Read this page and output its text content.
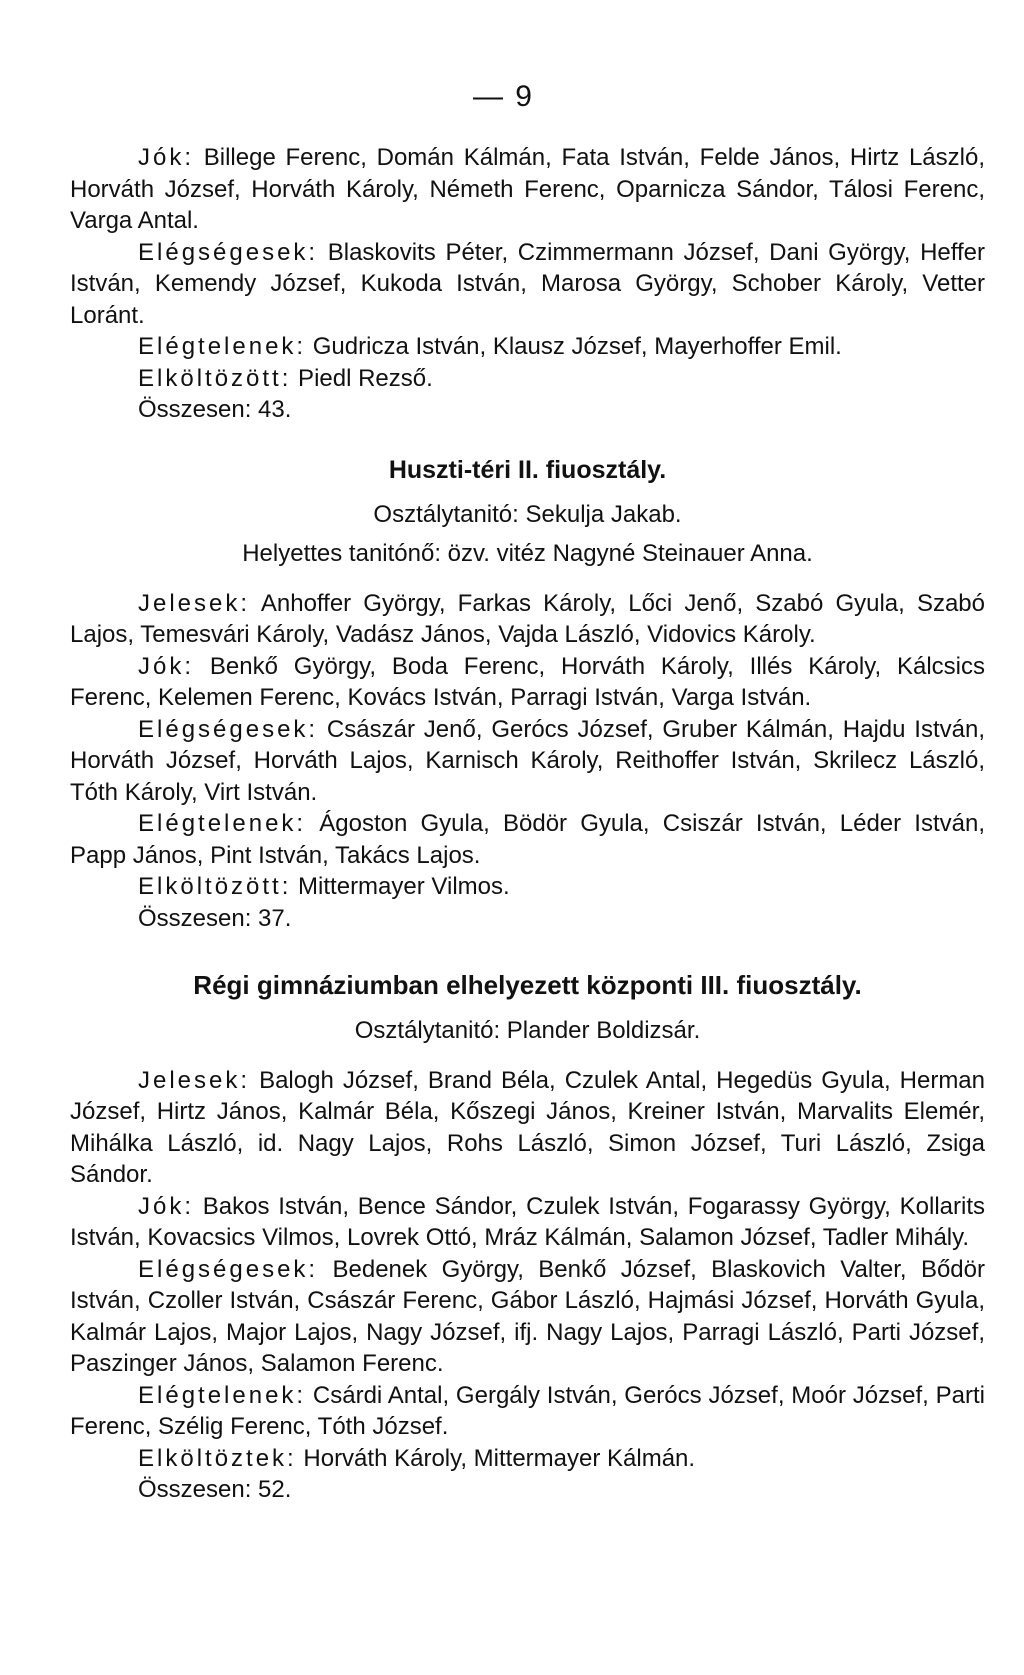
— 9

Jók: Billege Ferenc, Domán Kálmán, Fata István, Felde János, Hirtz László, Horváth József, Horváth Károly, Németh Ferenc, Oparnicza Sándor, Tálosi Ferenc, Varga Antal.

Elégségesek: Blaskovits Péter, Czimmermann József, Dani György, Heffer István, Kemendy József, Kukoda István, Marosa György, Schober Károly, Vetter Loránt.

Elégtelenek: Gudricza István, Klausz József, Mayerhoffer Emil.

Elköltözött: Piedl Rezső.

Összesen: 43.

Huszti-téri II. fiuosztály.
Osztálytanitó: Sekulja Jakab.
Helyettes tanitónő: özv. vitéz Nagyné Steinauer Anna.

Jelesek: Anhoffer György, Farkas Károly, Lőci Jenő, Szabó Gyula, Szabó Lajos, Temesvári Károly, Vadász János, Vajda László, Vidovics Károly.

Jók: Benkő György, Boda Ferenc, Horváth Károly, Illés Károly, Kálcsics Ferenc, Kelemen Ferenc, Kovács István, Parragi István, Varga István.

Elégségesek: Császár Jenő, Gerócs József, Gruber Kálmán, Hajdu István, Horváth József, Horváth Lajos, Karnisch Károly, Reithoffer István, Skrilecz László, Tóth Károly, Virt István.

Elégtelenek: Ágoston Gyula, Bödör Gyula, Csiszár István, Léder István, Papp János, Pint István, Takács Lajos.

Elköltözött: Mittermayer Vilmos.

Összesen: 37.

Régi gimnáziumban elhelyezett központi III. fiuosztály.
Osztálytanitó: Plander Boldizsár.

Jelesek: Balogh József, Brand Béla, Czulek Antal, Hegedüs Gyula, Herman József, Hirtz János, Kalmár Béla, Kőszegi János, Kreiner István, Marvalits Elemér, Mihálka László, id. Nagy Lajos, Rohs László, Simon József, Turi László, Zsiga Sándor.

Jók: Bakos István, Bence Sándor, Czulek István, Fogarassy György, Kollarits István, Kovacsics Vilmos, Lovrek Ottó, Mráz Kálmán, Salamon József, Tadler Mihály.

Elégségesek: Bedenek György, Benkő József, Blaskovich Valter, Bődör István, Czoller István, Császár Ferenc, Gábor László, Hajmási József, Horváth Gyula, Kalmár Lajos, Major Lajos, Nagy József, ifj. Nagy Lajos, Parragi László, Parti József, Paszinger János, Salamon Ferenc.

Elégtelenek: Csárdi Antal, Gergály István, Gerócs József, Moór József, Parti Ferenc, Szélig Ferenc, Tóth József.

Elköltöztek: Horváth Károly, Mittermayer Kálmán.

Összesen: 52.
